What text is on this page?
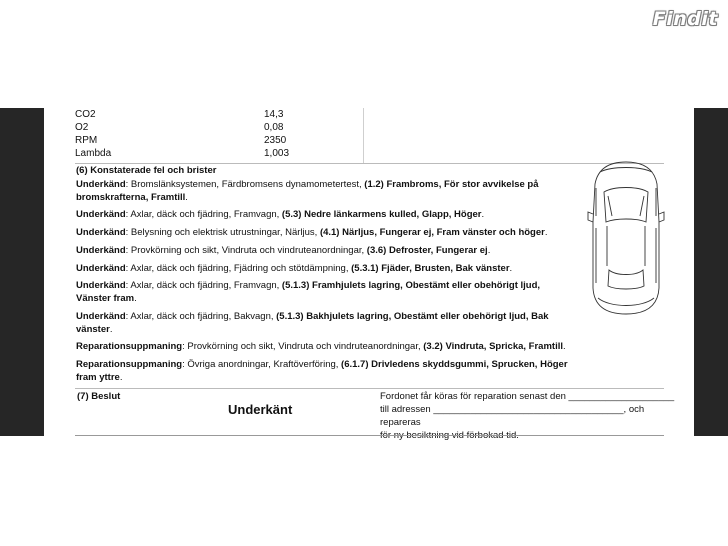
Findit
CO2	14,3
O2	0,08
RPM	2350
Lambda	1,003
(6) Konstaterade fel och brister
Underkänd: Bromslänksystemen, Färdbromsens dynamometertest, (1.2) Frambroms, För stor avvikelse på bromskrafterna, Framtill.
Underkänd: Axlar, däck och fjädring, Framvagn, (5.3) Nedre länkarmens kulled, Glapp, Höger.
Underkänd: Belysning och elektrisk utrustningar, Närljus, (4.1) Närljus, Fungerar ej, Fram vänster och höger.
Underkänd: Provkörning och sikt, Vindruta och vindruteanordningar, (3.6) Defroster, Fungerar ej.
Underkänd: Axlar, däck och fjädring, Fjädring och stötdämpning, (5.3.1) Fjäder, Brusten, Bak vänster.
Underkänd: Axlar, däck och fjädring, Framvagn, (5.1.3) Framhjulets lagring, Obestämt eller obehörigt ljud, Vänster fram.
Underkänd: Axlar, däck och fjädring, Bakvagn, (5.1.3) Bakhjulets lagring, Obestämt eller obehörigt ljud, Bak vänster.
Reparationsuppmaning: Provkörning och sikt, Vindruta och vindruteanordningar, (3.2) Vindruta, Spricka, Framtill.
Reparationsuppmaning: Övriga anordningar, Kraftöverföring, (6.1.7) Drivledens skyddsgummi, Sprucken, Höger fram yttre.
(7) Beslut
Underkänt
Fordonet får köras för reparation senast den ____________________
till adressen ____________________________________, och repareras
